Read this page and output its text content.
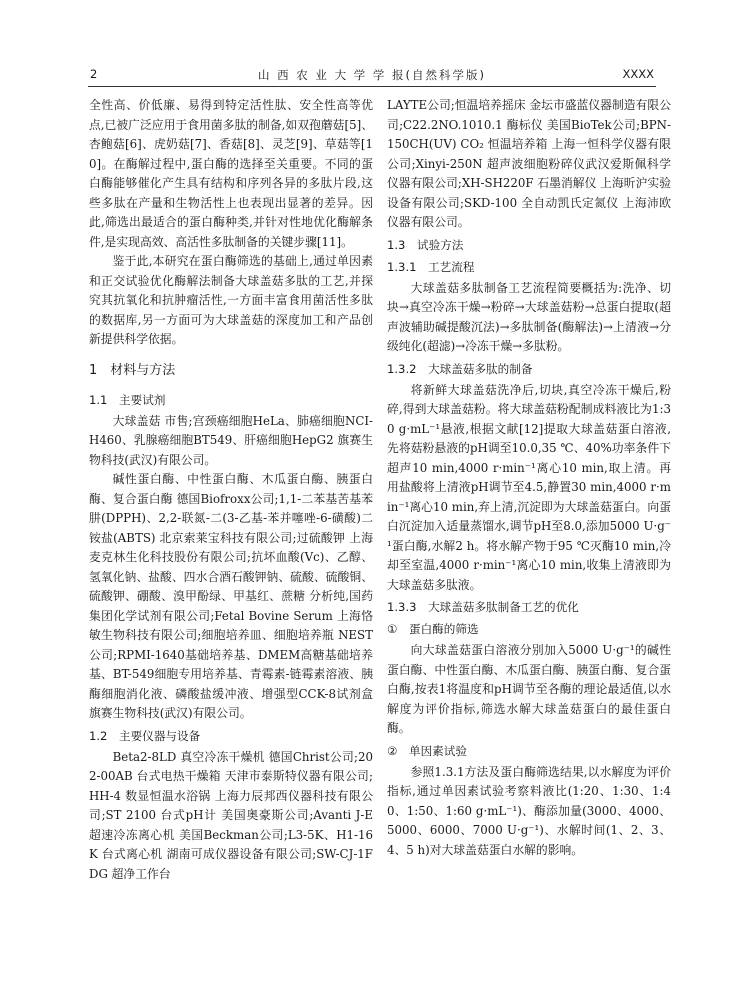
2	山 西 农 业 大 学 学 报(自然科学版)	XXXX

全性高、价低廉、易得到特定活性肽、安全性高等优点,已被广泛应用于食用菌多肽的制备,如双孢蘑菇[5]、杏鲍菇[6]、虎奶菇[7]、香菇[8]、灵芝[9]、草菇等[10]。在酶解过程中,蛋白酶的选择至关重要。不同的蛋白酶能够催化产生具有结构和序列各异的多肽片段,这些多肽在产量和生物活性上也表现出显著的差异。因此,筛选出最适合的蛋白酶种类,并针对性地优化酶解条件,是实现高效、高活性多肽制备的关键步骤[11]。

鉴于此,本研究在蛋白酶筛选的基础上,通过单因素和正交试验优化酶解法制备大球盖菇多肽的工艺,并探究其抗氧化和抗肿瘤活性,一方面丰富食用菌活性多肽的数据库,另一方面可为大球盖菇的深度加工和产品创新提供科学依据。

1　材料与方法
1.1　主要试剂

大球盖菇 市售;宫颈癌细胞HeLa、肺癌细胞NCI-H460、乳腺癌细胞BT549、肝癌细胞HepG2 旗赛生物科技(武汉)有限公司。

碱性蛋白酶、中性蛋白酶、木瓜蛋白酶、胰蛋白酶、复合蛋白酶 德国Biofroxx公司;1,1-二苯基苦基苯肼(DPPH)、2,2-联氮-二(3-乙基-苯并噻唑-6-磺酸)二铵盐(ABTS) 北京索莱宝科技有限公司;过硫酸钾 上海麦克林生化科技股份有限公司;抗坏血酸(Vc)、乙醇、氢氧化钠、盐酸、四水合酒石酸钾钠、硫酸、硫酸铜、硫酸钾、硼酸、溴甲酚绿、甲基红、蔗糖 分析纯,国药集团化学试剂有限公司;Fetal Bovine Serum 上海恪敏生物科技有限公司;细胞培养皿、细胞培养瓶 NEST公司;RPMI-1640基础培养基、DMEM高糖基础培养基、BT-549细胞专用培养基、青霉素-链霉素溶液、胰酶细胞消化液、磷酸盐缓冲液、增强型CCK-8试剂盒 旗赛生物科技(武汉)有限公司。

1.2　主要仪器与设备

Beta2-8LD 真空冷冻干燥机 德国Christ公司;202-00AB 台式电热干燥箱 天津市泰斯特仪器有限公司;HH-4 数显恒温水浴锅 上海力辰邦西仪器科技有限公司;ST 2100 台式pH计 美国奥豪斯公司;Avanti J-E 超速冷冻离心机 美国Beckman公司;L3-5K、H1-16K 台式离心机 湖南可成仪器设备有限公司;SW-CJ-1FDG 超净工作台

LAYTE公司;恒温培养摇床 金坛市盛蓝仪器制造有限公司;C22.2NO.1010.1 酶标仪 美国BioTek公司;BPN-150CH(UV) CO₂ 恒温培养箱 上海一恒科学仪器有限公司;Xinyi-250N 超声波细胞粉碎仪武汉爱斯佩科学仪器有限公司;XH-SH220F 石墨消解仪 上海昕沪实验设备有限公司;SKD-100 全自动凯氏定氮仪 上海沛欧仪器有限公司。

1.3　试验方法
1.3.1　工艺流程

大球盖菇多肽制备工艺流程简要概括为:洗净、切块→真空冷冻干燥→粉碎→大球盖菇粉→总蛋白提取(超声波辅助碱提酸沉法)→多肽制备(酶解法)→上清液→分级纯化(超滤)→冷冻干燥→多肽粉。

1.3.2　大球盖菇多肽的制备

将新鲜大球盖菇洗净后,切块,真空冷冻干燥后,粉碎,得到大球盖菇粉。将大球盖菇粉配制成料液比为1:30 g·mL⁻¹悬液,根据文献[12]提取大球盖菇蛋白溶液,先将菇粉悬液的pH调至10.0,35 ℃、40%功率条件下超声10 min,4000 r·min⁻¹离心10 min,取上清。再用盐酸将上清液pH调节至4.5,静置30 min,4000 r·min⁻¹离心10 min,弃上清,沉淀即为大球盖菇蛋白。向蛋白沉淀加入适量蒸馏水,调节pH至8.0,添加5000 U·g⁻¹蛋白酶,水解2 h。将水解产物于95 ℃灭酶10 min,冷却至室温,4000 r·min⁻¹离心10 min,收集上清液即为大球盖菇多肽液。

1.3.3　大球盖菇多肽制备工艺的优化
①　蛋白酶的筛选

向大球盖菇蛋白溶液分别加入5000 U·g⁻¹的碱性蛋白酶、中性蛋白酶、木瓜蛋白酶、胰蛋白酶、复合蛋白酶,按表1将温度和pH调节至各酶的理论最适值,以水解度为评价指标,筛选水解大球盖菇蛋白的最佳蛋白酶。

②　单因素试验

参照1.3.1方法及蛋白酶筛选结果,以水解度为评价指标,通过单因素试验考察料液比(1:20、1:30、1:40、1:50、1:60 g·mL⁻¹)、酶添加量(3000、4000、5000、6000、7000 U·g⁻¹)、水解时间(1、2、3、4、5 h)对大球盖菇蛋白水解的影响。
